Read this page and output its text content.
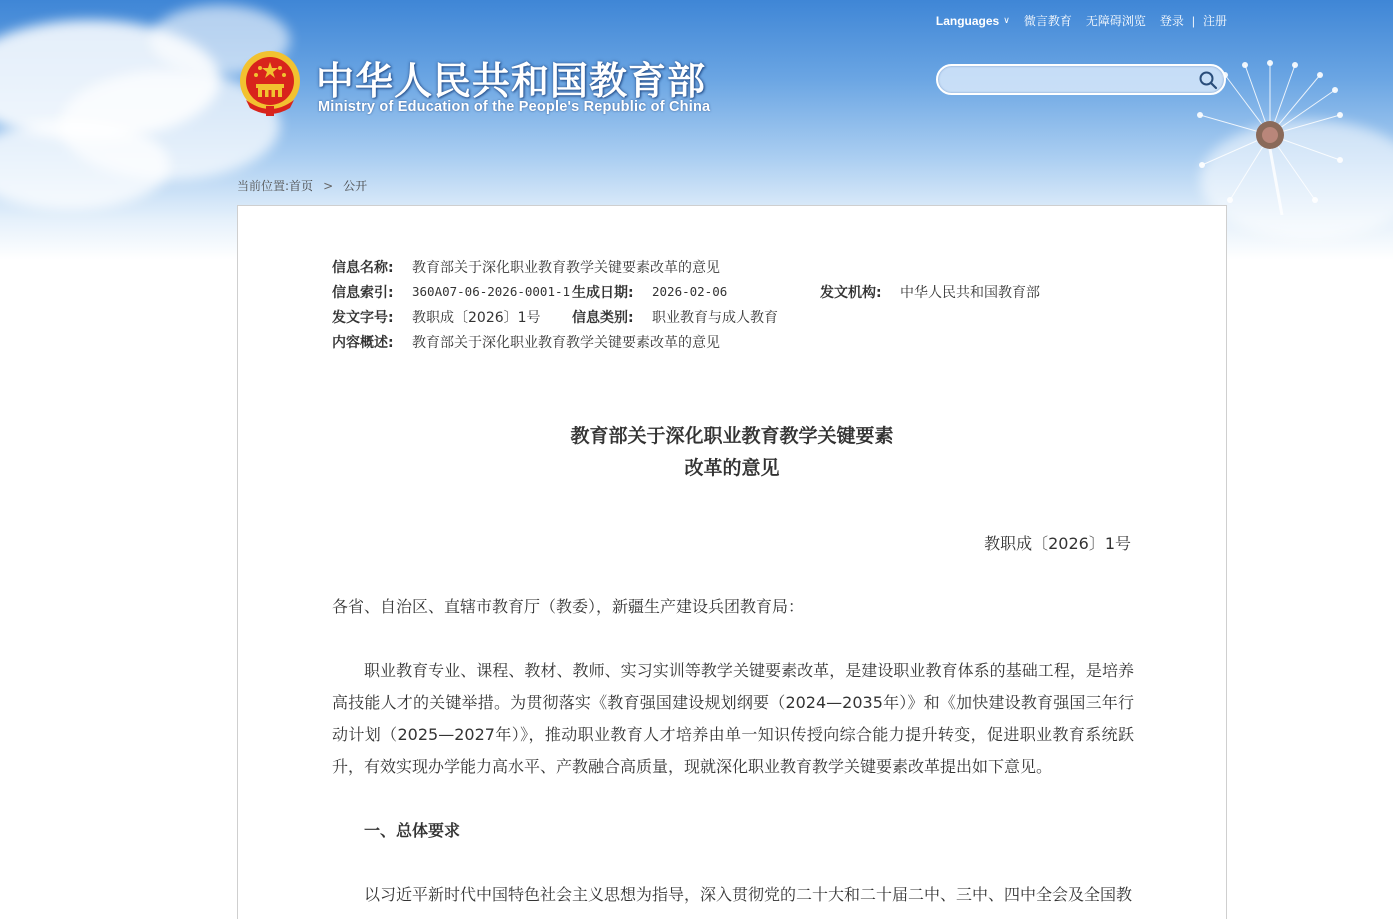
Languages ∨ 微言教育 无障碍浏览 登录 | 注册
中华人民共和国教育部
Ministry of Education of the People's Republic of China
当前位置: 首页 > 公开
信息名称: 教育部关于深化职业教育教学关键要素改革的意见
信息索引: 360A07-06-2026-0001-1 生成日期: 2026-02-06	发文机构: 中华人民共和国教育部
发文字号: 教职成〔2026〕1号 信息类别: 职业教育与成人教育
内容概述: 教育部关于深化职业教育教学关键要素改革的意见
教育部关于深化职业教育教学关键要素
改革的意见
教职成〔2026〕1号
各省、自治区、直辖市教育厅（教委），新疆生产建设兵团教育局：
职业教育专业、课程、教材、教师、实习实训等教学关键要素改革，是建设职业教育体系的基础工程，是培养高技能人才的关键举措。为贯彻落实《教育强国建设规划纲要（2024—2035年）》和《加快建设教育强国三年行动计划（2025—2027年）》，推动职业教育人才培养由单一知识传授向综合能力提升转变，促进职业教育系统跃升，有效实现办学能力高水平、产教融合高质量，现就深化职业教育教学关键要素改革提出如下意见。
一、总体要求
以习近平新时代中国特色社会主义思想为指导，深入贯彻党的二十大和二十届二中、三中、四中全会及全国教
